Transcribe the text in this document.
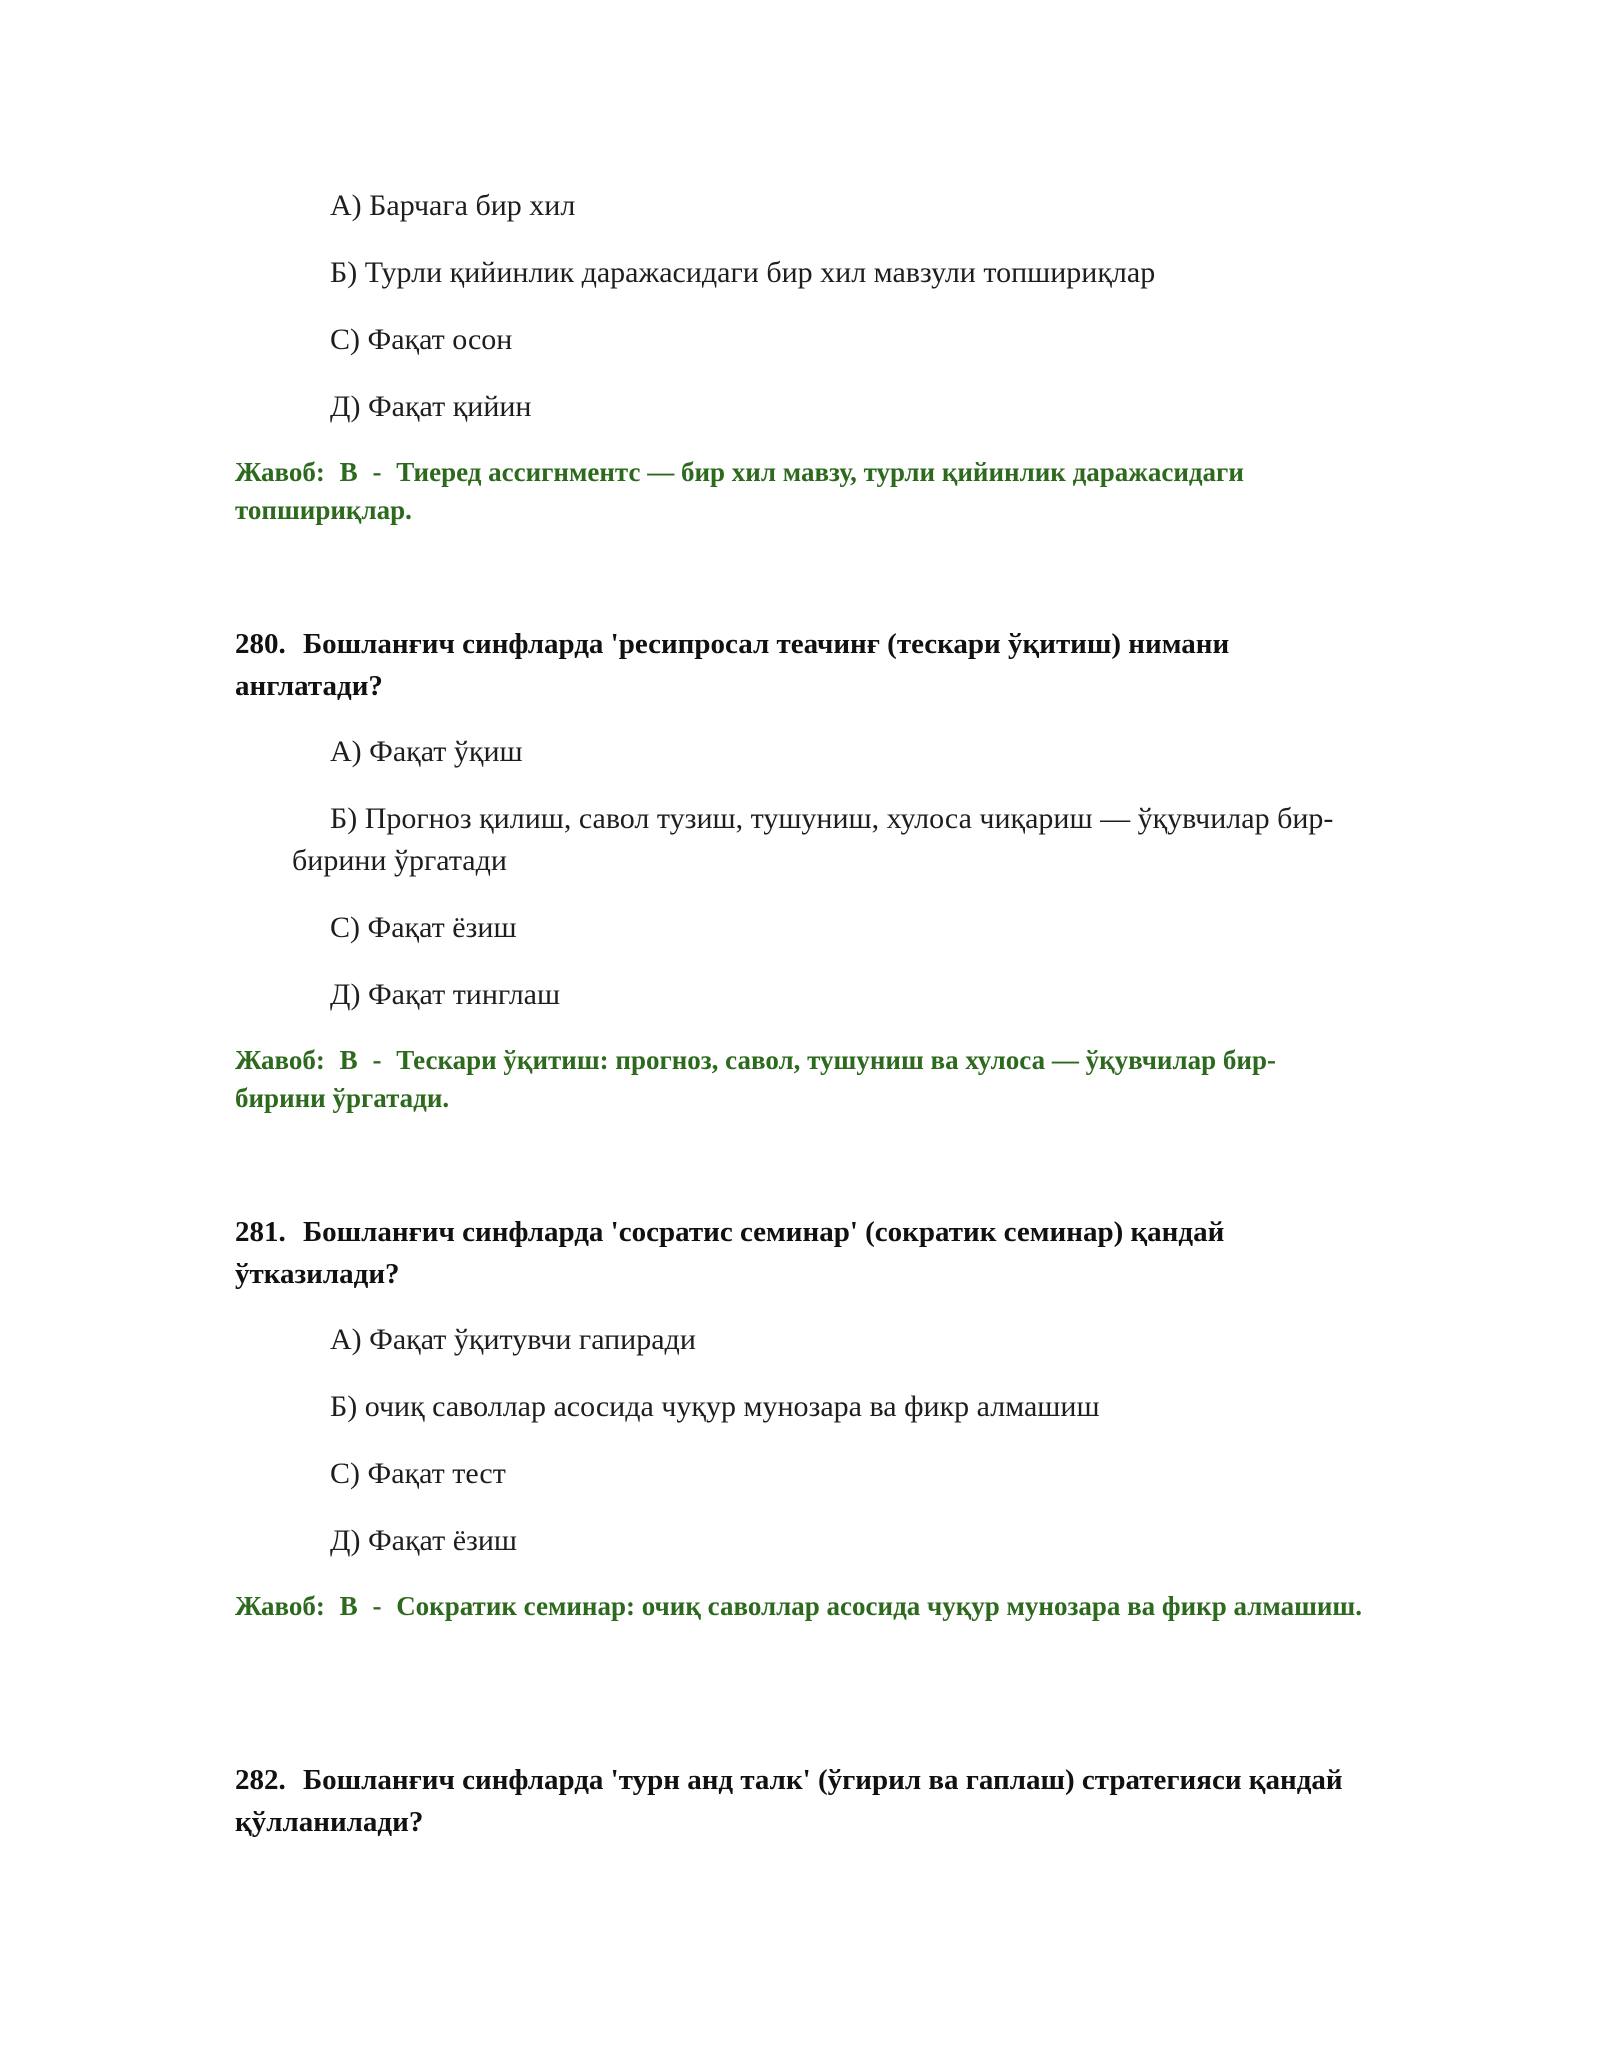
А) Барчага бир хил
Б) Турли қийинлик даражасидаги бир хил мавзули топшириқлар
С) Фақат осон
Д) Фақат қийин
Жавоб: B - Тиеред ассигнментс — бир хил мавзу, турли қийинлик даражасидаги топшириқлар.
280. Бошланғич синфларда 'ресипросал теачинғ (тескари ўқитиш) нимани англатади?
А) Фақат ўқиш
Б) Прогноз қилиш, савол тузиш, тушуниш, хулоса чиқариш — ўқувчилар бир-бирини ўргатади
С) Фақат ёзиш
Д) Фақат тинглаш
Жавоб: B - Тескари ўқитиш: прогноз, савол, тушуниш ва хулоса — ўқувчилар бир-бирини ўргатади.
281. Бошланғич синфларда 'сосратис семинар' (сократик семинар) қандай ўтказилади?
А) Фақат ўқитувчи гапиради
Б) очиқ саволлар асосида чуқур мунозара ва фикр алмашиш
С) Фақат тест
Д) Фақат ёзиш
Жавоб: B - Сократик семинар: очиқ саволлар асосида чуқур мунозара ва фикр алмашиш.
282. Бошланғич синфларда 'турн анд талк' (ўгирил ва гаплаш) стратегияси қандай қўлланилади?
